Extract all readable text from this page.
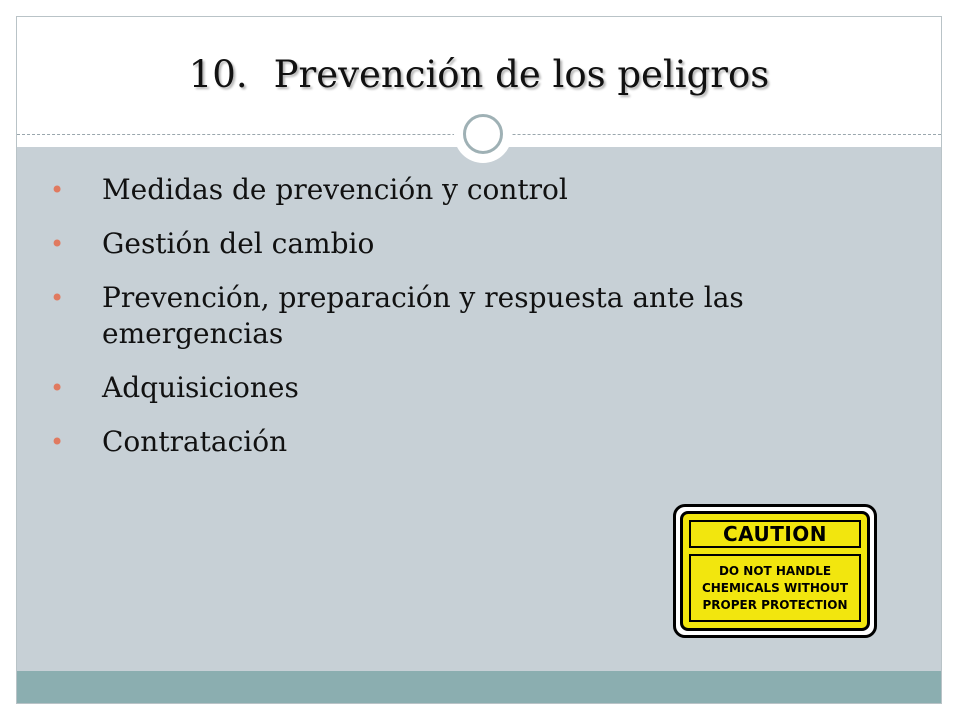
10. Prevención de los peligros
• Medidas de prevención y control
• Gestión del cambio
• Prevención, preparación y respuesta ante las
emergencias
• Adquisiciones
• Contratación
CAUTION
DO NOT HANDLE
CHEMICALS WITHOUT
PROPER PROTECTION
